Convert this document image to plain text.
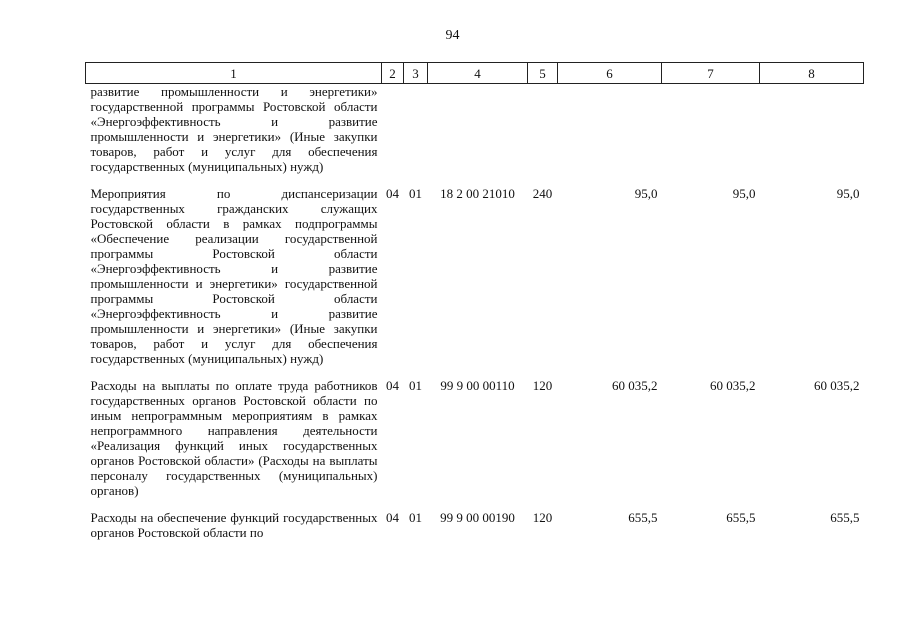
94
1	2	3	4	5	6	7	8
развитие промышленности и энергетики» государственной программы Ростовской области «Энергоэффективность и развитие промышленности и энергетики» (Иные закупки товаров, работ и услуг для обеспечения государственных (муниципальных) нужд)							

Мероприятия по диспансеризации государственных гражданских служащих Ростовской области в рамках подпрограммы «Обеспечение реализации государственной программы Ростовской области «Энергоэффективность и развитие промышленности и энергетики» государственной программы Ростовской области «Энергоэффективность и развитие промышленности и энергетики» (Иные закупки товаров, работ и услуг для обеспечения государственных (муниципальных) нужд)	04	01	18 2 00 21010	240	95,0	95,0	95,0

Расходы на выплаты по оплате труда работников государственных органов Ростовской области по иным непрограммным мероприятиям в рамках непрограммного направления деятельности «Реализация функций иных государственных органов Ростовской области» (Расходы на выплаты персоналу государственных (муниципальных) органов)	04	01	99 9 00 00110	120	60 035,2	60 035,2	60 035,2

Расходы на обеспечение функций государственных органов Ростовской области по	04	01	99 9 00 00190	120	655,5	655,5	655,5
